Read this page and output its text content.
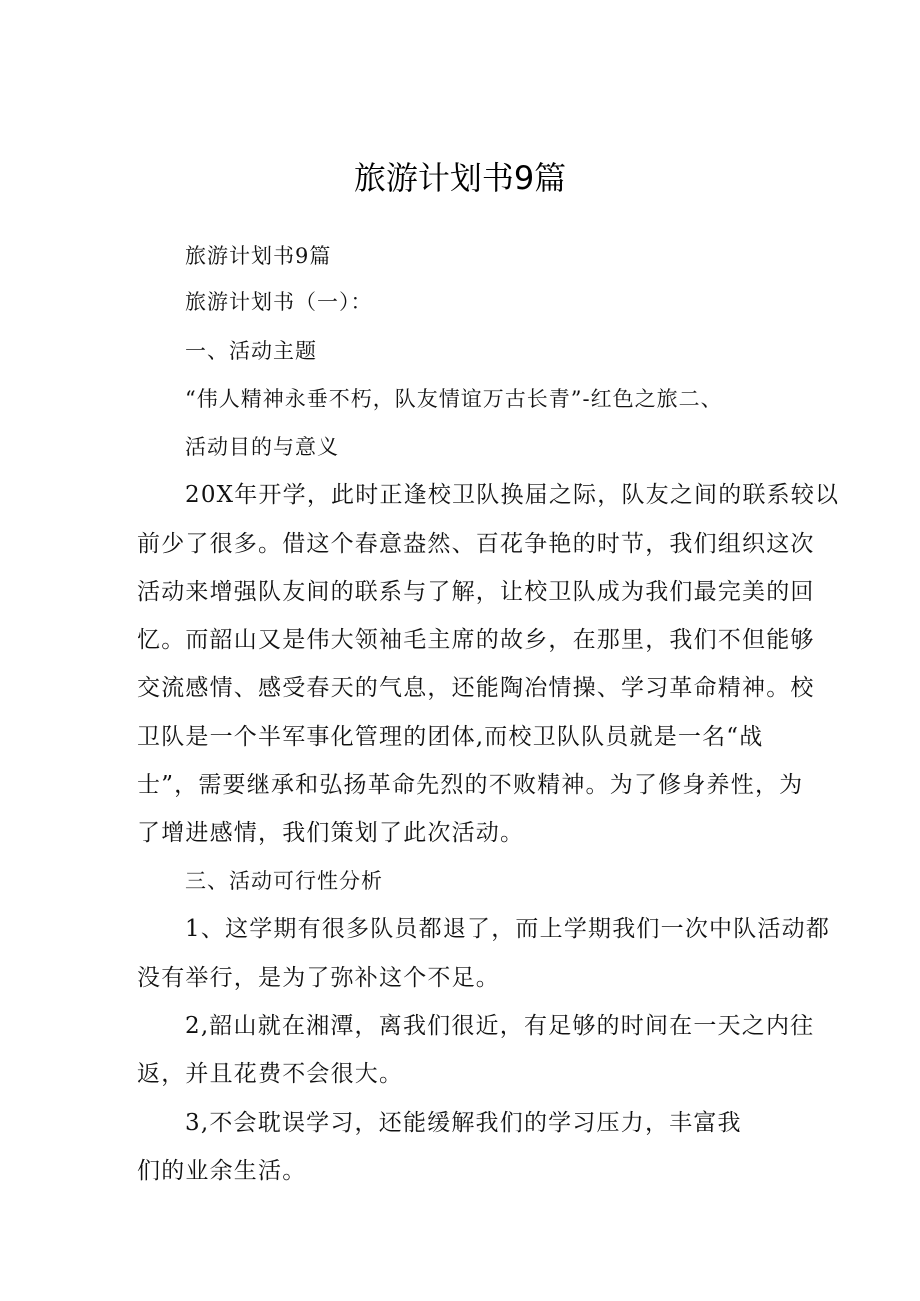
旅游计划书9篇
旅游计划书9篇
旅游计划书（一）：
一、活动主题
“伟人精神永垂不朽，队友情谊万古长青”-红色之旅二、
活动目的与意义
20X年开学，此时正逢校卫队换届之际，队友之间的联系较以
前少了很多。借这个春意盎然、百花争艳的时节，我们组织这次
活动来增强队友间的联系与了解，让校卫队成为我们最完美的回
忆。而韶山又是伟大领袖毛主席的故乡，在那里，我们不但能够
交流感情、感受春天的气息，还能陶冶情操、学习革命精神。校
卫队是一个半军事化管理的团体,而校卫队队员就是一名“战
士”，需要继承和弘扬革命先烈的不败精神。为了修身养性，为
了增进感情，我们策划了此次活动。
三、活动可行性分析
1、这学期有很多队员都退了，而上学期我们一次中队活动都
没有举行，是为了弥补这个不足。
2,韶山就在湘潭，离我们很近，有足够的时间在一天之内往
返，并且花费不会很大。
3,不会耽误学习，还能缓解我们的学习压力，丰富我
们的业余生活。
